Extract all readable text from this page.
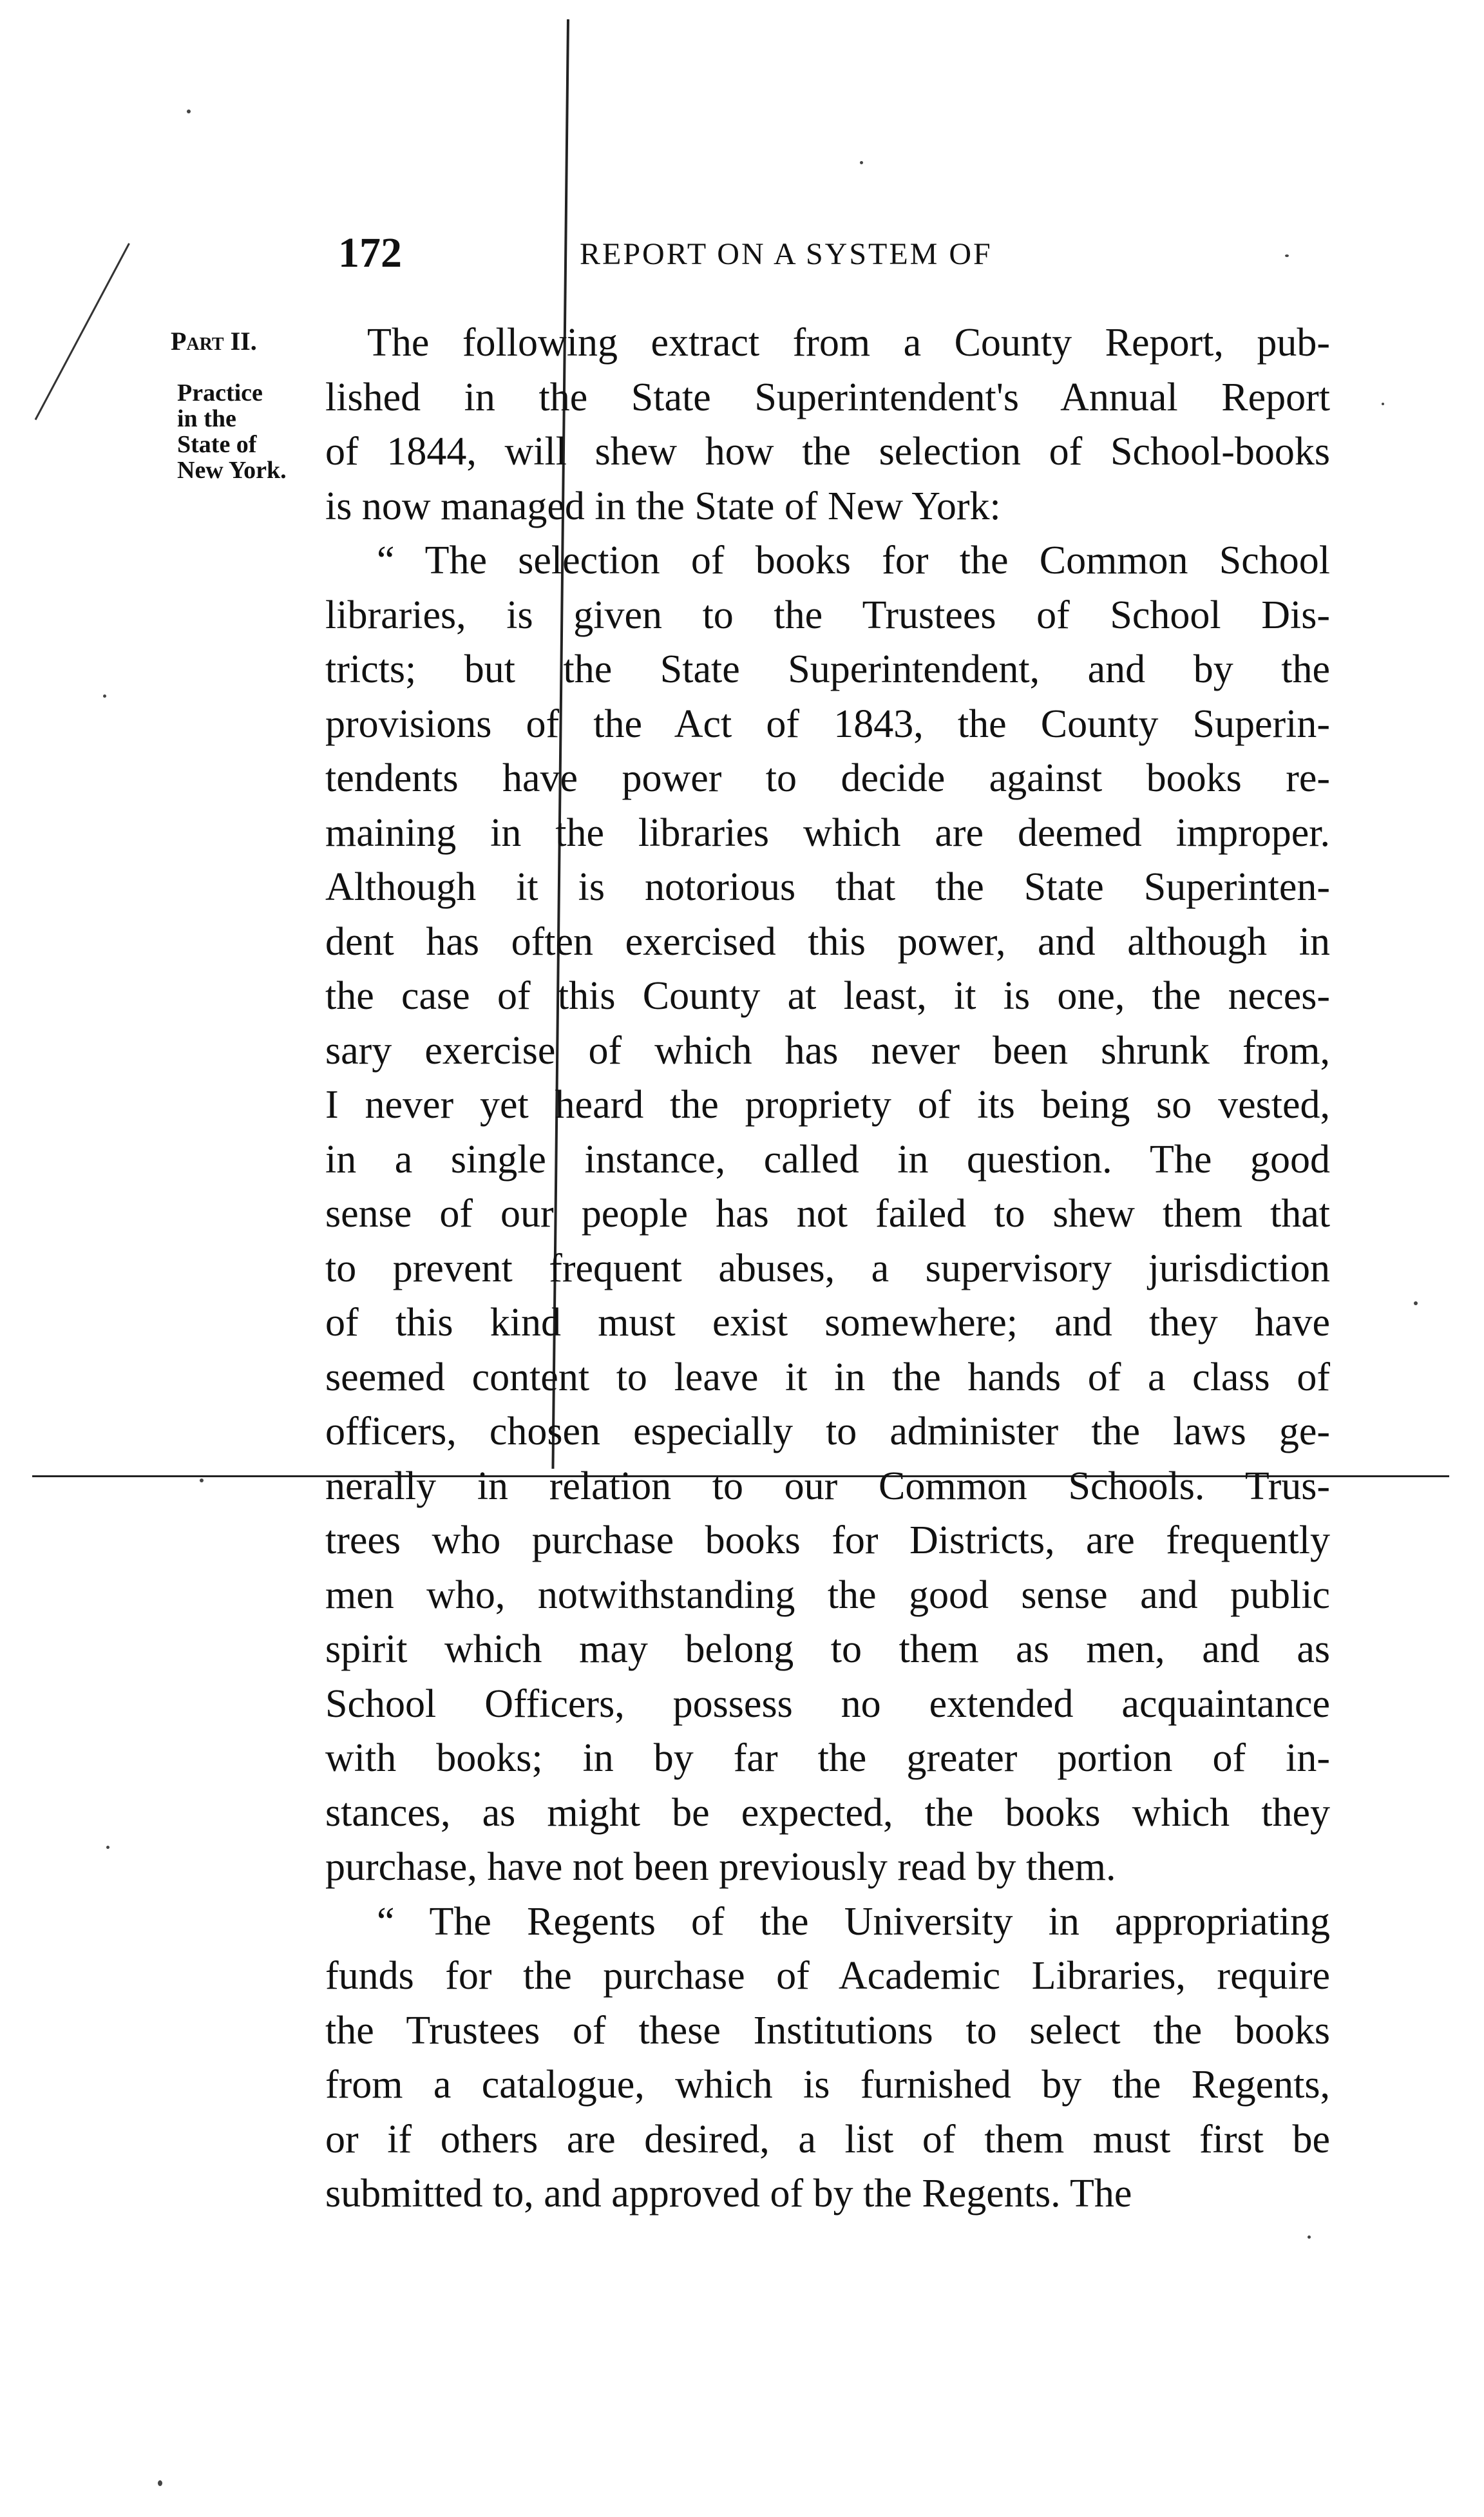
172	REPORT ON A SYSTEM OF
Part II.
Practice
in the
State of
New York.
The following extract from a County Report, pub-
lished in the State Superintendent's Annual Report
of 1844, will shew how the selection of School-books
is now managed in the State of New York:
“ The selection of books for the Common School
libraries, is given to the Trustees of School Dis-
tricts; but the State Superintendent, and by the
provisions of the Act of 1843, the County Superin-
tendents have power to decide against books re-
maining in the libraries which are deemed improper.
Although it is notorious that the State Superinten-
dent has often exercised this power, and although in
the case of this County at least, it is one, the neces-
sary exercise of which has never been shrunk from,
I never yet heard the propriety of its being so vested,
in a single instance, called in question. The good
sense of our people has not failed to shew them that
to prevent frequent abuses, a supervisory jurisdiction
of this kind must exist somewhere; and they have
seemed content to leave it in the hands of a class of
officers, chosen especially to administer the laws ge-
nerally in relation to our Common Schools. Trus-
trees who purchase books for Districts, are frequently
men who, notwithstanding the good sense and public
spirit which may belong to them as men, and as
School Officers, possess no extended acquaintance
with books; in by far the greater portion of in-
stances, as might be expected, the books which they
purchase, have not been previously read by them.
“ The Regents of the University in appropriating
funds for the purchase of Academic Libraries, require
the Trustees of these Institutions to select the books
from a catalogue, which is furnished by the Regents,
or if others are desired, a list of them must first be
submitted to, and approved of by the Regents. The
